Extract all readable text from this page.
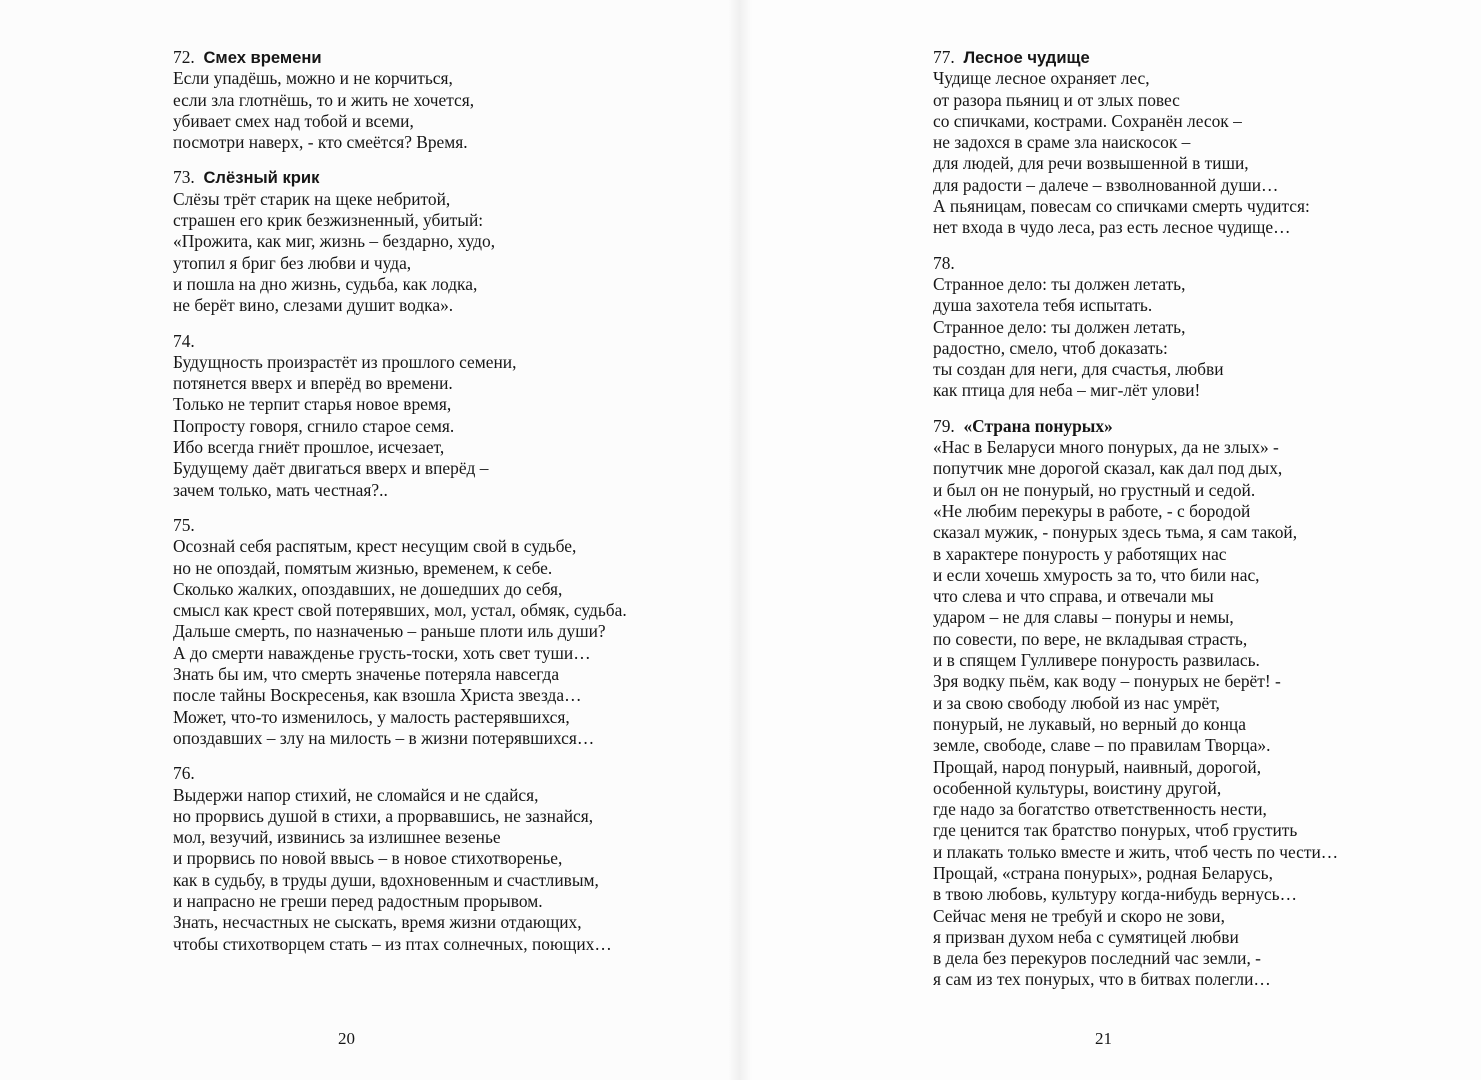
72. Смех времени
Если упадёшь, можно и не корчиться,
если зла глотнёшь, то и жить не хочется,
убивает смех над тобой и всеми,
посмотри наверх, - кто смеётся? Время.
73. Слёзный крик
Слёзы трёт старик на щеке небритой,
страшен его крик безжизненный, убитый:
«Прожита, как миг, жизнь – бездарно, худо,
утопил я бриг без любви и чуда,
и пошла на дно жизнь, судьба, как лодка,
не берёт вино, слезами душит водка».
74.
Будущность произрастёт из прошлого семени,
потянется вверх и вперёд во времени.
Только не терпит старья новое время,
Попросту говоря, сгнило старое семя.
Ибо всегда гниёт прошлое, исчезает,
Будущему даёт двигаться вверх и вперёд –
зачем только, мать честная?..
75.
Осознай себя распятым, крест несущим свой в судьбе,
но не опоздай, помятым жизнью, временем, к себе.
Сколько жалких, опоздавших, не дошедших до себя,
смысл как крест свой потерявших, мол, устал, обмяк, судьба.
Дальше смерть, по назначенью – раньше плоти иль души?
А до смерти наважденье грусть-тоски, хоть свет туши…
Знать бы им, что смерть значенье потеряла навсегда
после тайны Воскресенья, как взошла Христа звезда…
Может, что-то изменилось, у малость растерявшихся,
опоздавших – злу на милость – в жизни потерявшихся…
76.
Выдержи напор стихий, не сломайся и не сдайся,
но прорвись душой в стихи, а прорвавшись, не зазнайся,
мол, везучий, извинись за излишнее везенье
и прорвись по новой ввысь – в новое стихотворенье,
как в судьбу, в труды души, вдохновенным и счастливым,
и напрасно не греши перед радостным прорывом.
Знать, несчастных не сыскать, время жизни отдающих,
чтобы стихотворцем стать – из птах солнечных, поющих…
20
77. Лесное чудище
Чудище лесное охраняет лес,
от разора пьяниц и от злых повес
со спичками, кострами. Сохранён лесок –
не задохся в сраме зла наискосок –
для людей, для речи возвышенной в тиши,
для радости – далече – взволнованной души…
А пьяницам, повесам со спичками смерть чудится:
нет входа в чудо леса, раз есть лесное чудище…
78.
Странное дело: ты должен летать,
душа захотела тебя испытать.
Странное дело: ты должен летать,
радостно, смело, чтоб доказать:
ты создан для неги, для счастья, любви
как птица для неба – миг-лёт улови!
79. «Страна понурых»
«Нас в Беларуси много понурых, да не злых» -
попутчик мне дорогой сказал, как дал под дых,
и был он не понурый, но грустный и седой.
«Не любим перекуры в работе, - с бородой
сказал мужик, - понурых здесь тьма, я сам такой,
в характере понурость у работящих нас
и если хочешь хмурость за то, что били нас,
что слева и что справа, и отвечали мы
ударом – не для славы – понуры и немы,
по совести, по вере, не вкладывая страсть,
и в спящем Гулливере понурость развилась.
Зря водку пьём, как воду – понурых не берёт! -
и за свою свободу любой из нас умрёт,
понурый, не лукавый, но верный до конца
земле, свободе, славе – по правилам Творца».
Прощай, народ понурый, наивный, дорогой,
особенной культуры, воистину другой,
где надо за богатство ответственность нести,
где ценится так братство понурых, чтоб грустить
и плакать только вместе и жить, чтоб честь по чести…
Прощай, «страна понурых», родная Беларусь,
в твою любовь, культуру когда-нибудь вернусь…
Сейчас меня не требуй и скоро не зови,
я призван духом неба с сумятицей любви
в дела без перекуров последний час земли, -
я сам из тех понурых, что в битвах полегли…
21
